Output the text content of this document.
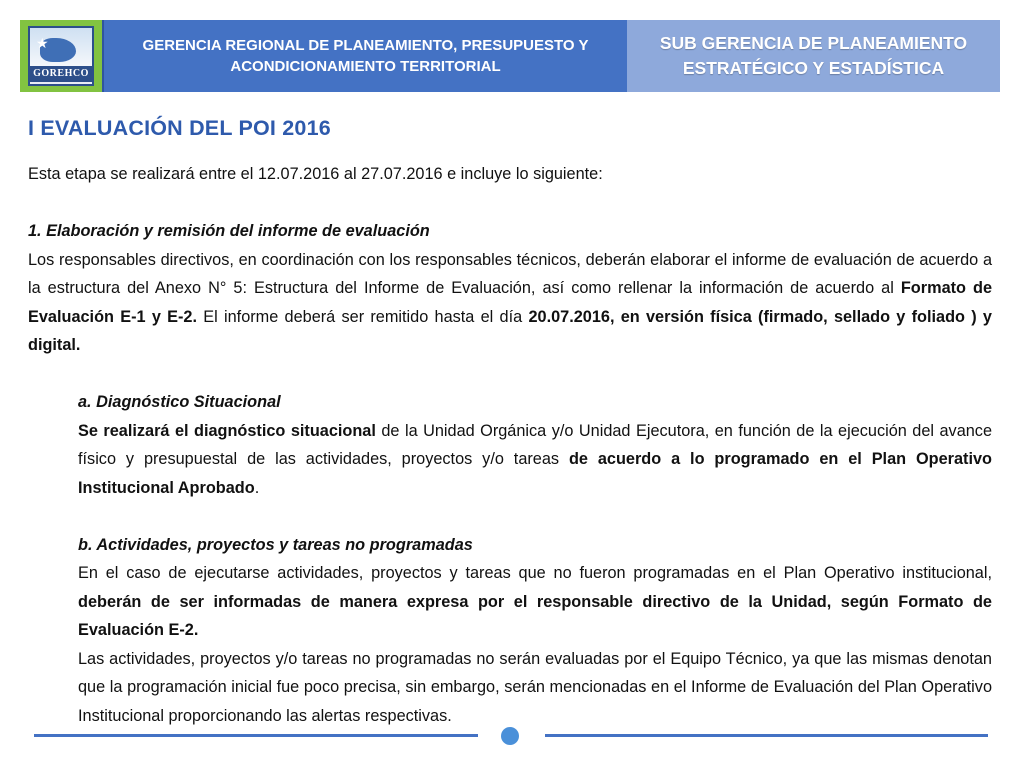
★
GOREHCO
GERENCIA REGIONAL DE PLANEAMIENTO, PRESUPUESTO Y ACONDICIONAMIENTO TERRITORIAL
SUB GERENCIA DE PLANEAMIENTO ESTRATÉGICO Y ESTADÍSTICA
I EVALUACIÓN DEL POI 2016

Esta etapa se realizará entre el 12.07.2016 al 27.07.2016 e incluye lo siguiente:

1. Elaboración y remisión del informe de evaluación

Los responsables directivos, en coordinación con los responsables técnicos, deberán elaborar el informe de evaluación de acuerdo a la estructura del Anexo N° 5: Estructura del Informe de Evaluación, así como rellenar la información de acuerdo al Formato de Evaluación E-1 y E-2. El informe deberá ser remitido hasta el día 20.07.2016, en versión física (firmado, sellado y foliado ) y digital.

a. Diagnóstico Situacional

Se realizará el diagnóstico situacional de la Unidad Orgánica y/o Unidad Ejecutora, en función de la ejecución del avance físico y presupuestal de las actividades, proyectos y/o tareas de acuerdo a lo programado en el Plan Operativo Institucional Aprobado.

b. Actividades, proyectos y tareas no programadas

En el caso de ejecutarse actividades, proyectos y tareas que no fueron programadas en el Plan Operativo institucional, deberán de ser informadas de manera expresa por el responsable directivo de la Unidad, según Formato de Evaluación E-2.

Las actividades, proyectos y/o tareas no programadas no serán evaluadas por el Equipo Técnico, ya que las mismas denotan que la programación inicial fue poco precisa, sin embargo, serán mencionadas en el Informe de Evaluación del Plan Operativo Institucional proporcionando las alertas respectivas.
